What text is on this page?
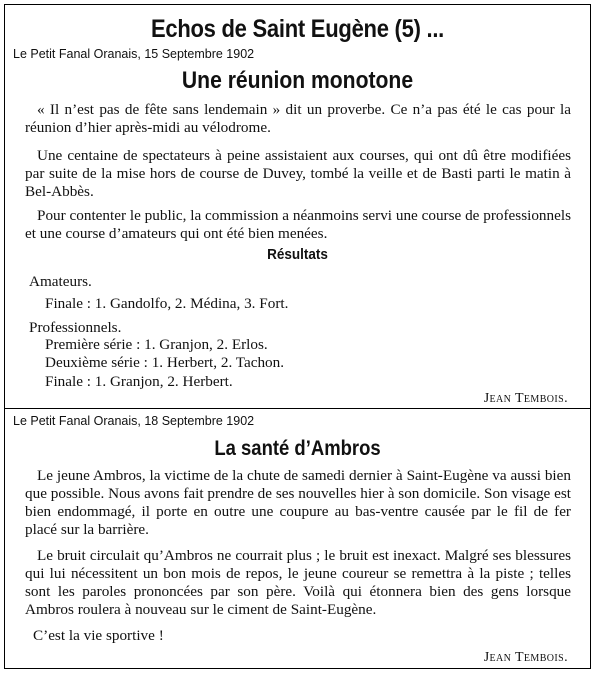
Echos de Saint Eugène (5) ...
Le Petit Fanal Oranais, 15 Septembre 1902
Une réunion monotone

« Il n’est pas de fête sans lendemain » dit un proverbe. Ce n’a pas été le cas pour la réunion d’hier après-midi au vélodrome.

Une centaine de spectateurs à peine assistaient aux courses, qui ont dû être modifiées par suite de la mise hors de course de Duvey, tombé la veille et de Basti parti le matin à Bel-Abbès.

Pour contenter le public, la commission a néanmoins servi une course de professionnels et une course d’amateurs qui ont été bien menées.

Résultats
Amateurs.
Finale : 1. Gandolfo, 2. Médina, 3. Fort.
Professionnels.
Première série : 1. Granjon, 2. Erlos.
Deuxième série : 1. Herbert, 2. Tachon.
Finale : 1. Granjon, 2. Herbert.
Jean Tembois.
Le Petit Fanal Oranais, 18 Septembre 1902
La santé d’Ambros

Le jeune Ambros, la victime de la chute de samedi dernier à Saint-Eugène va aussi bien que possible. Nous avons fait prendre de ses nouvelles hier à son domicile. Son visage est bien endommagé, il porte en outre une coupure au bas-ventre causée par le fil de fer placé sur la barrière.

Le bruit circulait qu’Ambros ne courrait plus ; le bruit est inexact. Malgré ses blessures qui lui nécessitent un bon mois de repos, le jeune coureur se remettra à la piste ; telles sont les paroles prononcées par son père. Voilà qui étonnera bien des gens lorsque Ambros roulera à nouveau sur le ciment de Saint-Eugène.

C’est la vie sportive !

Jean Tembois.
